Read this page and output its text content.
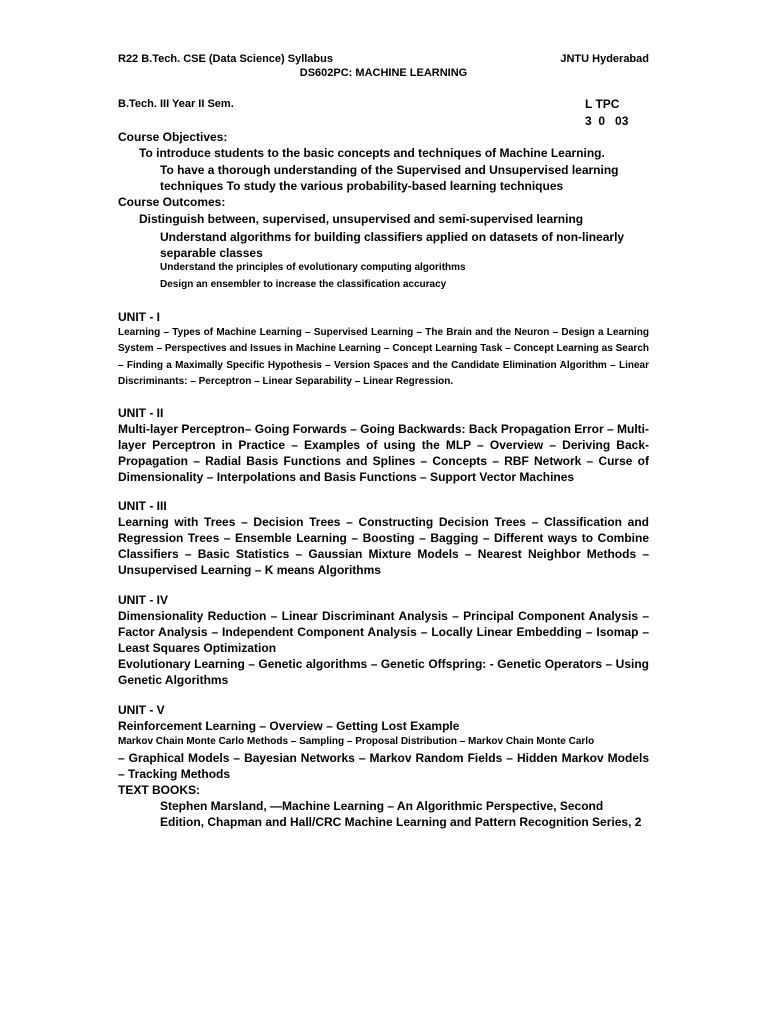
R22 B.Tech. CSE (Data Science) Syllabus	JNTU Hyderabad
DS602PC: MACHINE LEARNING
B.Tech. III Year II Sem.	L TPC
3  0   03
Course Objectives:
To introduce students to the basic concepts and techniques of Machine Learning.
To have a thorough understanding of the Supervised and Unsupervised learning techniques To study the various probability-based learning techniques
Course Outcomes:
Distinguish between, supervised, unsupervised and semi-supervised learning
Understand algorithms for building classifiers applied on datasets of non-linearly separable classes
Understand the principles of evolutionary computing algorithms
Design an ensembler to increase the classification accuracy
UNIT - I
Learning – Types of Machine Learning – Supervised Learning – The Brain and the Neuron – Design a Learning System – Perspectives and Issues in Machine Learning – Concept Learning Task – Concept Learning as Search – Finding a Maximally Specific Hypothesis – Version Spaces and the Candidate Elimination Algorithm – Linear Discriminants: – Perceptron – Linear Separability – Linear Regression.
UNIT - II
Multi-layer Perceptron– Going Forwards – Going Backwards: Back Propagation Error – Multi-layer Perceptron in Practice – Examples of using the MLP – Overview – Deriving Back-Propagation – Radial Basis Functions and Splines – Concepts – RBF Network – Curse of Dimensionality – Interpolations and Basis Functions – Support Vector Machines
UNIT - III
Learning with Trees – Decision Trees – Constructing Decision Trees – Classification and Regression Trees – Ensemble Learning – Boosting – Bagging – Different ways to Combine Classifiers – Basic Statistics – Gaussian Mixture Models – Nearest Neighbor Methods – Unsupervised Learning – K means Algorithms
UNIT - IV
Dimensionality Reduction – Linear Discriminant Analysis – Principal Component Analysis – Factor Analysis – Independent Component Analysis – Locally Linear Embedding – Isomap – Least Squares Optimization
Evolutionary Learning – Genetic algorithms – Genetic Offspring: - Genetic Operators – Using Genetic Algorithms
UNIT - V
Reinforcement Learning – Overview – Getting Lost Example
Markov Chain Monte Carlo Methods – Sampling – Proposal Distribution – Markov Chain Monte Carlo
– Graphical Models – Bayesian Networks – Markov Random Fields – Hidden Markov Models – Tracking Methods
TEXT BOOKS:
Stephen Marsland, ―Machine Learning – An Algorithmic Perspective, Second Edition, Chapman and Hall/CRC Machine Learning and Pattern Recognition Series, 2
